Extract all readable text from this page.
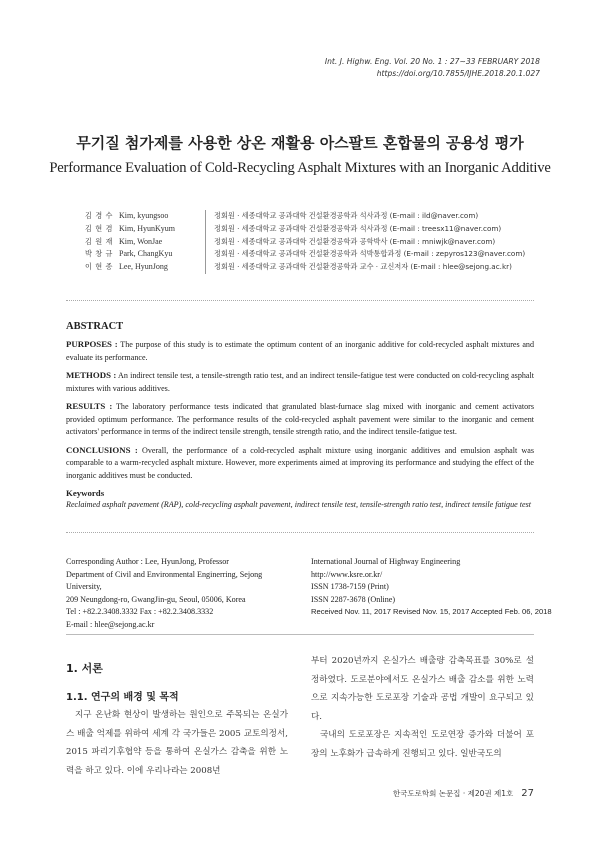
Int. J. Highw. Eng. Vol. 20 No. 1 : 27~33 FEBRUARY 2018
https://doi.org/10.7855/IJHE.2018.20.1.027
무기질 첨가제를 사용한 상온 재활용 아스팔트 혼합물의 공용성 평가
Performance Evaluation of Cold-Recycling Asphalt Mixtures with an Inorganic Additive
김 경 수 Kim, kyungsoo	정회원 · 세종대학교 공과대학 건설환경공학과 석사과정 (E-mail : ild@naver.com)
김 현 겸 Kim, HyunKyum	정회원 · 세종대학교 공과대학 건설환경공학과 석사과정 (E-mail : treesx11@naver.com)
김 원 재 Kim, WonJae	정회원 · 세종대학교 공과대학 건설환경공학과 공학박사 (E-mail : mniwjk@naver.com)
박 창 규 Park, ChangKyu	정회원 · 세종대학교 공과대학 건설환경공학과 석박통합과정 (E-mail : zepyros123@naver.com)
이 현 종 Lee, HyunJong	정회원 · 세종대학교 공과대학 건설환경공학과 교수 · 교신저자 (E-mail : hlee@sejong.ac.kr)
ABSTRACT
PURPOSES : The purpose of this study is to estimate the optimum content of an inorganic additive for cold-recycled asphalt mixtures and evaluate its performance.
METHODS : An indirect tensile test, a tensile-strength ratio test, and an indirect tensile-fatigue test were conducted on cold-recycling asphalt mixtures with various additives.
RESULTS : The laboratory performance tests indicated that granulated blast-furnace slag mixed with inorganic and cement activators provided optimum performance. The performance results of the cold-recycled asphalt pavement were similar to the inorganic and cement activators' performance in terms of the indirect tensile strength, tensile strength ratio, and the indirect tensile-fatigue test.
CONCLUSIONS : Overall, the performance of a cold-recycled asphalt mixture using inorganic additives and emulsion asphalt was comparable to a warm-recycled asphalt mixture. However, more experiments aimed at improving its performance and studying the effect of the inorganic additives must be conducted.
Keywords
Reclaimed asphalt pavement (RAP), cold-recycling asphalt pavement, indirect tensile test, tensile-strength ratio test, indirect tensile fatigue test
Corresponding Author : Lee, HyunJong, Professor
Department of Civil and Environmental Enginerring, Sejong University,
209 Neungdong-ro, GwangJin-gu, Seoul, 05006, Korea
Tel : +82.2.3408.3332 Fax : +82.2.3408.3332
E-mail : hlee@sejong.ac.kr
International Journal of Highway Engineering
http://www.ksre.or.kr/
ISSN 1738-7159 (Print)
ISSN 2287-3678 (Online)
Received Nov. 11, 2017 Revised Nov. 15, 2017 Accepted Feb. 06, 2018
1. 서론
1.1. 연구의 배경 및 목적
지구 온난화 현상이 발생하는 원인으로 주목되는 온실가스 배출 억제를 위하여 세계 각 국가들은 2005 교토의정서, 2015 파리기후협약 등을 통하여 온실가스 감축을 위한 노력을 하고 있다. 이에 우리나라는 2008년
부터 2020년까지 온실가스 배출량 감축목표를 30%로 설정하였다. 도로분야에서도 온실가스 배출 감소를 위한 노력으로 지속가능한 도로포장 기술과 공법 개발이 요구되고 있다.
국내의 도로포장은 지속적인 도로연장 증가와 더불어 포장의 노후화가 급속하게 진행되고 있다. 일반국도의
한국도로학회 논문집 · 제20권 제1호 27
